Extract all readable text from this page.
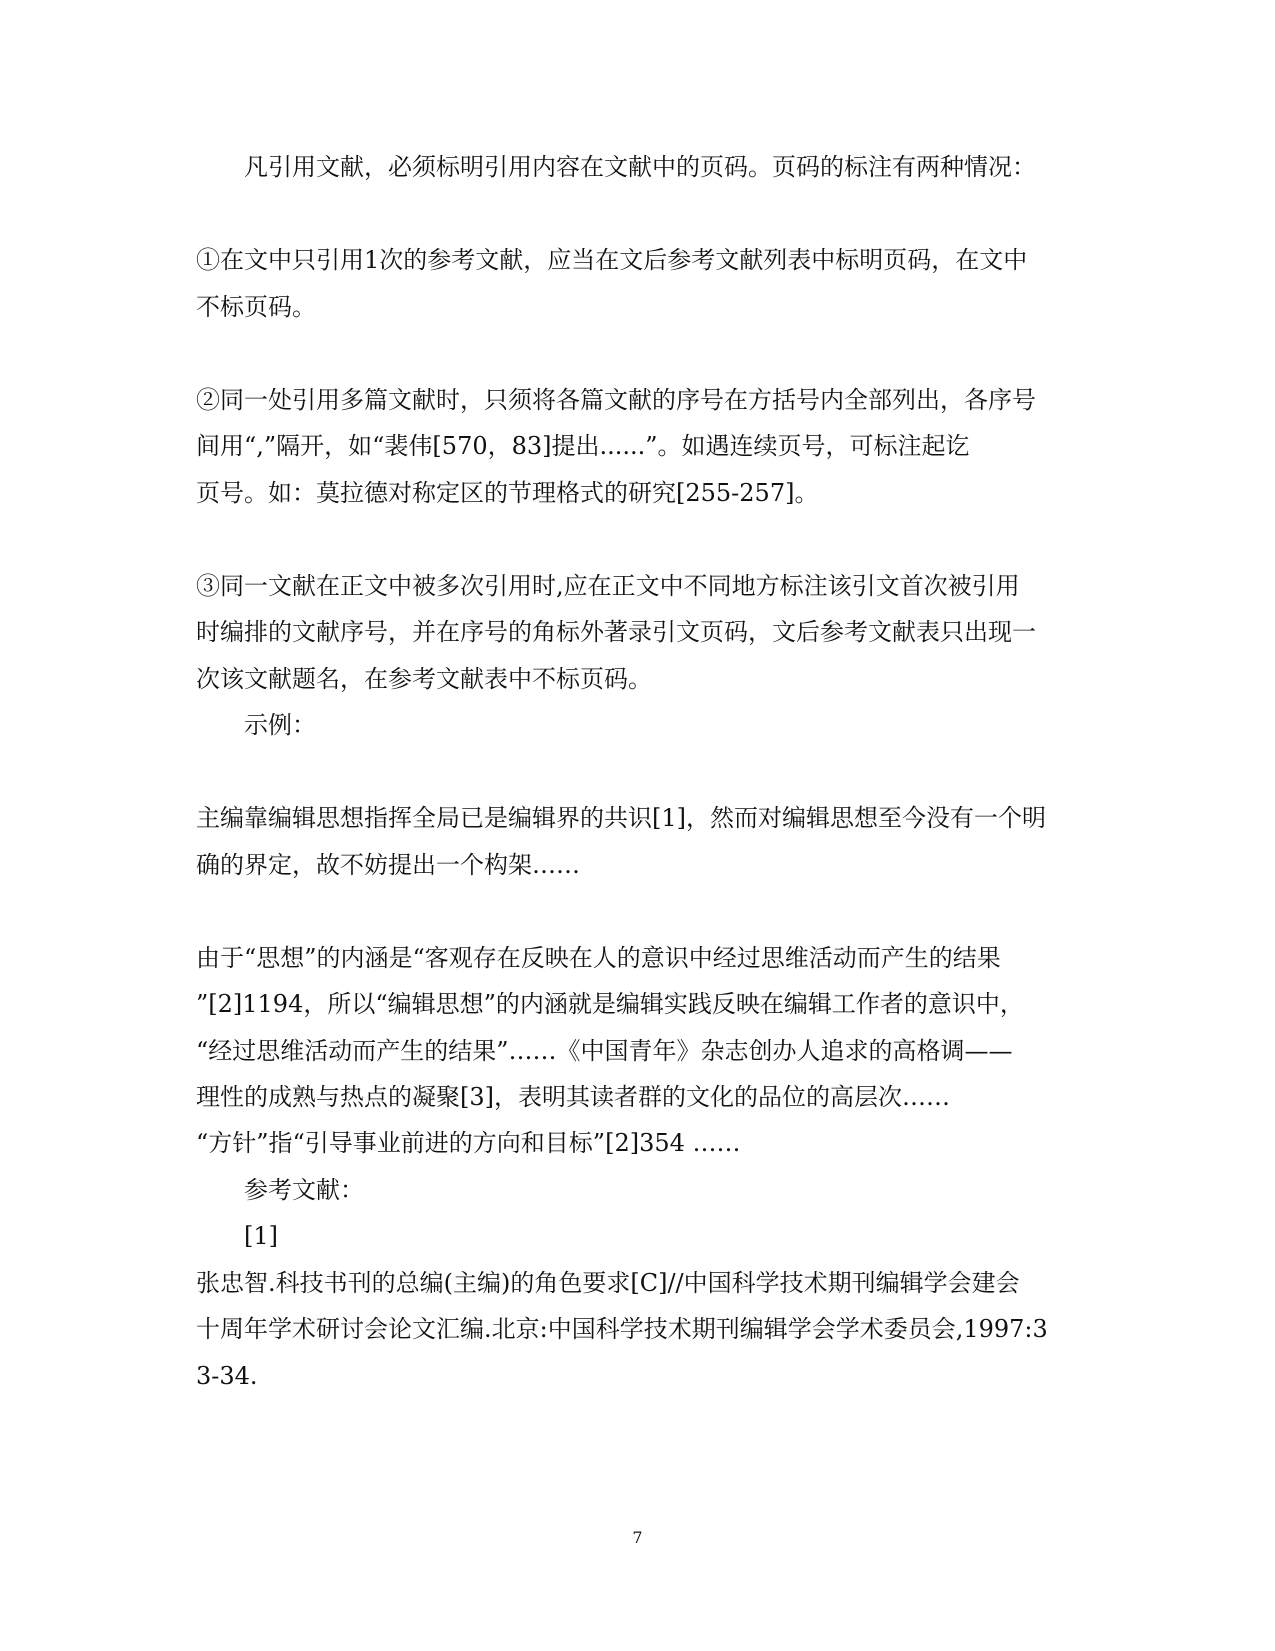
凡引用文献，必须标明引用内容在文献中的页码。页码的标注有两种情况：
①在文中只引用1次的参考文献，应当在文后参考文献列表中标明页码，在文中
不标页码。
②同一处引用多篇文献时，只须将各篇文献的序号在方括号内全部列出，各序号
间用“,”隔开，如“裴伟[570，83]提出......”。如遇连续页号，可标注起讫
页号。如：莫拉德对称定区的节理格式的研究[255-257]。
③同一文献在正文中被多次引用时,应在正文中不同地方标注该引文首次被引用
时编排的文献序号，并在序号的角标外著录引文页码，文后参考文献表只出现一
次该文献题名，在参考文献表中不标页码。
示例：
主编靠编辑思想指挥全局已是编辑界的共识[1]，然而对编辑思想至今没有一个明
确的界定，故不妨提出一个构架……
由于“思想”的内涵是“客观存在反映在人的意识中经过思维活动而产生的结果
”[2]1194，所以“编辑思想”的内涵就是编辑实践反映在编辑工作者的意识中，
“经过思维活动而产生的结果”……《中国青年》杂志创办人追求的高格调——
理性的成熟与热点的凝聚[3]，表明其读者群的文化的品位的高层次……
“方针”指“引导事业前进的方向和目标”[2]354 ……
参考文献：
[1]
张忠智.科技书刊的总编(主编)的角色要求[C]//中国科学技术期刊编辑学会建会
十周年学术研讨会论文汇编.北京:中国科学技术期刊编辑学会学术委员会,1997:3
3-34.
7
